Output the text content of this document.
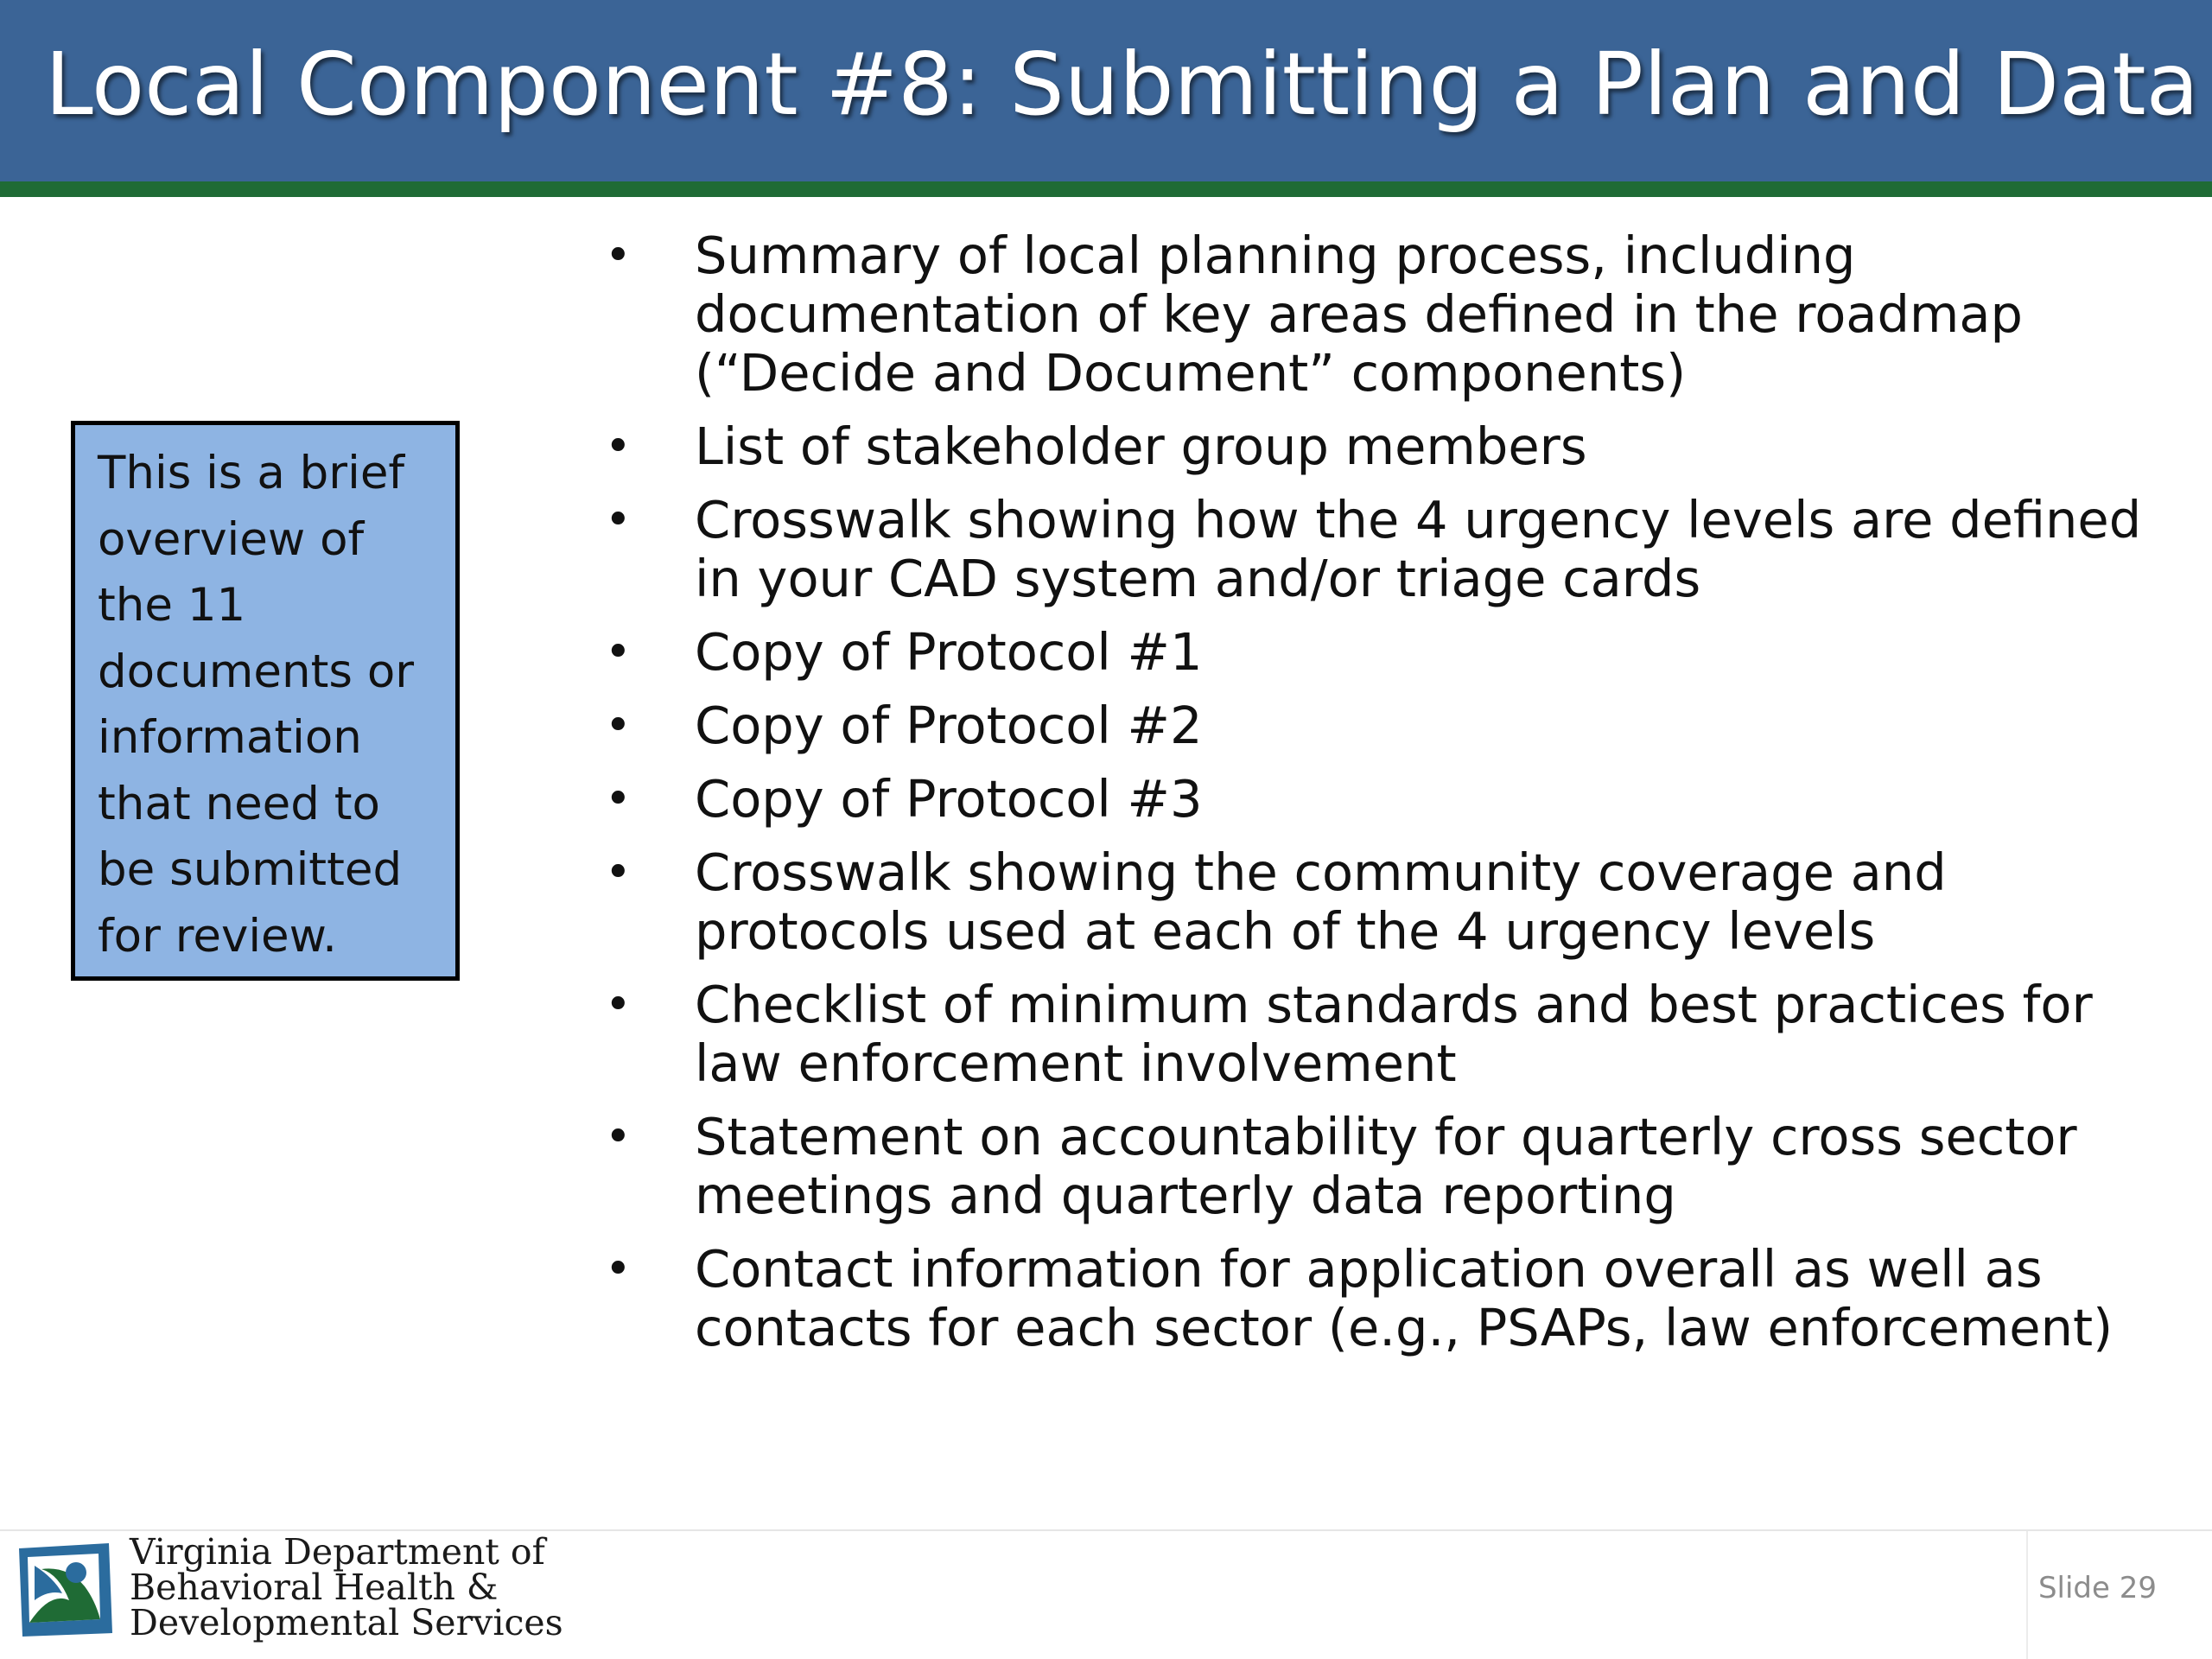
Local Component #8: Submitting a Plan and Data
This is a brief
overview of
the 11
documents or
information
that need to
be submitted
for review.
• Summary of local planning process, including
documentation of key areas defined in the roadmap
(“Decide and Document” components)
• List of stakeholder group members
• Crosswalk showing how the 4 urgency levels are defined
in your CAD system and/or triage cards
• Copy of Protocol #1
• Copy of Protocol #2
• Copy of Protocol #3
• Crosswalk showing the community coverage and
protocols used at each of the 4 urgency levels
• Checklist of minimum standards and best practices for
law enforcement involvement
• Statement on accountability for quarterly cross sector
meetings and quarterly data reporting
• Contact information for application overall as well as
contacts for each sector (e.g., PSAPs, law enforcement)
Virginia Department of
Behavioral Health &
Developmental Services
Slide 29
